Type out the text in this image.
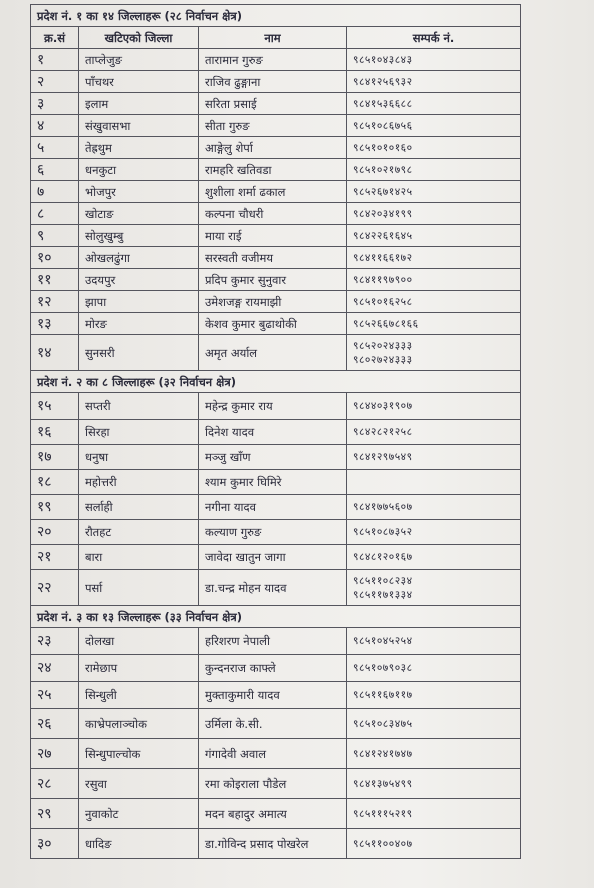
प्रदेश नं. १ का १४ जिल्लाहरू (२८ निर्वाचन क्षेत्र)			
क्र.सं	खटिएको जिल्ला	नाम	सम्पर्क नं.
१	ताप्लेजुङ	तारामान गुरुङ	९८५१०४३८४३
२	पाँचथर	राजिव ढुङ्गाना	९८४१२५६९३२
३	इलाम	सरिता प्रसाई	९८४१५३६६८८
४	संखुवासभा	सीता गुरुङ	९८५१०८६७५६
५	तेह्रथुम	आङ्गेलु शेर्पा	९८५१०१०१६०
६	धनकुटा	रामहरि खतिवडा	९८५१०२१७९८
७	भोजपुर	शुशीला शर्मा ढकाल	९८५२६७१४२५
८	खोटाङ	कल्पना चौधरी	९८४२०३४१९९
९	सोलुखुम्बु	माया राई	९८४२२६१६४५
१०	ओखलढुंगा	सरस्वती वजीमय	९८४११६६१७२
११	उदयपुर	प्रदिप कुमार सुनुवार	९८४११९७९००
१२	झापा	उमेशजङ्ग रायमाझी	९८५१०१६२५८
१३	मोरङ	केशव कुमार बुढाथोकी	९८५२६६७८१६६
१४	सुनसरी	अमृत अर्याल	९८५२०२४३३३
९८०२७२४३३३

प्रदेश नं. २ का ८ जिल्लाहरू (३२ निर्वाचन क्षेत्र)			
१५	सप्तरी	महेन्द्र कुमार राय	९८४४०३१९०७
१६	सिरहा	दिनेश यादव	९८४२८२१२५८
१७	धनुषा	मञ्जु खाँण	९८४१२९७५४९
१८	महोत्तरी	श्याम कुमार घिमिरे	
१९	सर्लाही	नगीना यादव	९८४१७७५६०७
२०	रौतहट	कल्याण गुरुङ	९८५१०८७३५२
२१	बारा	जावेदा खातुन जागा	९८४८१२०१६७
२२	पर्सा	डा.चन्द्र मोहन यादव	९८५११०८२३४
९८५११७१३३४

प्रदेश नं. ३ का १३ जिल्लाहरू (३३ निर्वाचन क्षेत्र)			
२३	दोलखा	हरिशरण नेपाली	९८५१०४५२५४
२४	रामेछाप	कुन्दनराज काफ्ले	९८५१०७९०३८
२५	सिन्धुली	मुक्ताकुमारी यादव	९८५११६७११७
२६	काभ्रेपलाञ्चोक	उर्मिला के.सी.	९८५१०८३४७५
२७	सिन्धुपाल्चोक	गंगादेवी अवाल	९८४१२४१७४७
२८	रसुवा	रमा कोइराला पौडेल	९८४१३७५४९९
२९	नुवाकोट	मदन बहादुर अमात्य	९८५१११५२१९
३०	धादिङ	डा.गोविन्द प्रसाद पोखरेल	९८५११००४०७
